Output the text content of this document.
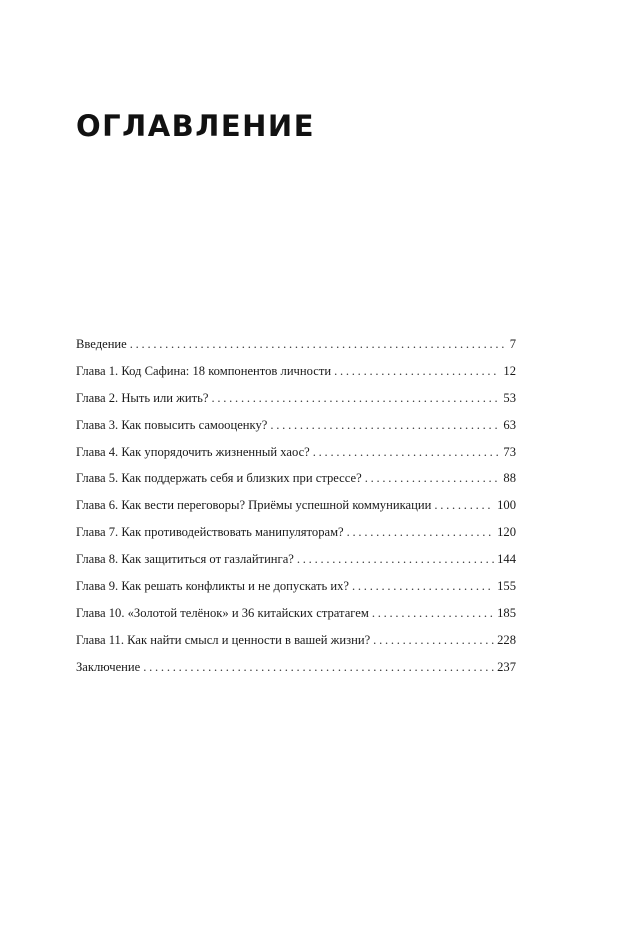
ОГЛАВЛЕНИЕ
Введение . . .	7
Глава 1. Код Сафина: 18 компонентов личности . . .	12
Глава 2. Ныть или жить? . . .	53
Глава 3. Как повысить самооценку? . . .	63
Глава 4. Как упорядочить жизненный хаос? . . .	73
Глава 5. Как поддержать себя и близких при стрессе? . . .	88
Глава 6. Как вести переговоры? Приёмы успешной коммуникации . . .	100
Глава 7. Как противодействовать манипуляторам? . . .	120
Глава 8. Как защититься от газлайтинга? . . .	144
Глава 9. Как решать конфликты и не допускать их? . . .	155
Глава 10. «Золотой телёнок» и 36 китайских стратагем . . .	185
Глава 11. Как найти смысл и ценности в вашей жизни? . . .	228
Заключение . . .	237
